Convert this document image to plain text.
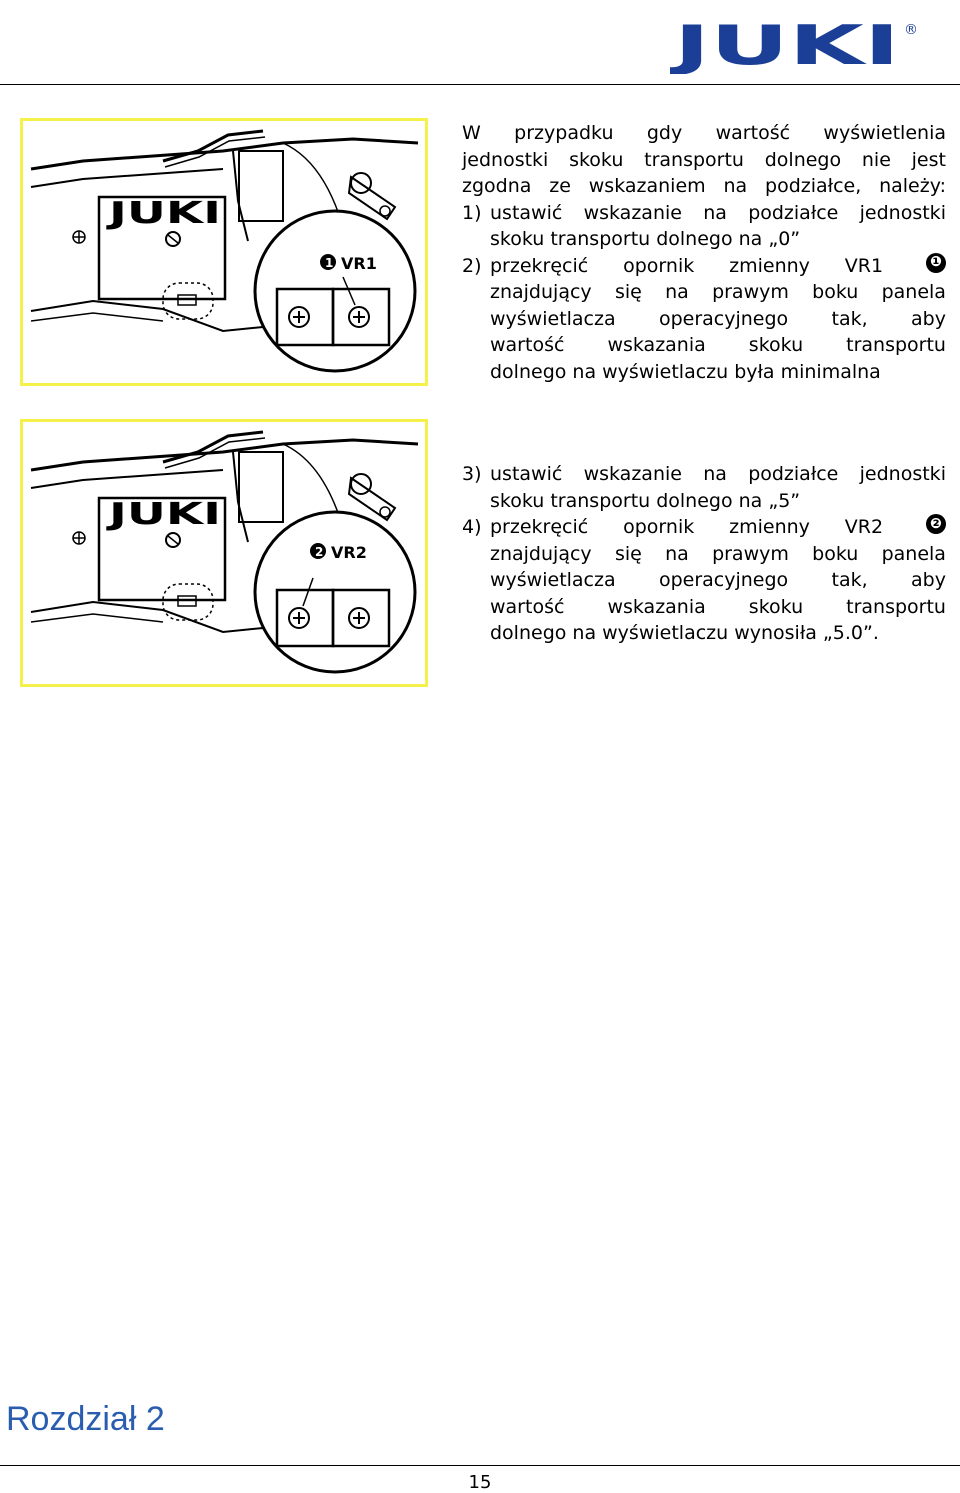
JUKI ®
JUKI
1 VR1
W przypadku gdy wartość wyświetlenia
jednostki skoku transportu dolnego nie jest
zgodna ze wskazaniem na podziałce, należy:
1) ustawić wskazanie na podziałce jednostki
skoku transportu dolnego na „0”
2) przekręcić opornik zmienny VR1	❶
znajdujący się na prawym boku panela
wyświetlacza operacyjnego tak, aby
wartość wskazania skoku transportu
dolnego na wyświetlaczu była minimalna
JUKI
2 VR2
3) ustawić wskazanie na podziałce jednostki
skoku transportu dolnego na „5”
4) przekręcić opornik zmienny VR2	❷
znajdujący się na prawym boku panela
wyświetlacza operacyjnego tak, aby
wartość wskazania skoku transportu
dolnego na wyświetlaczu wynosiła „5.0”.
Rozdział 2
15
